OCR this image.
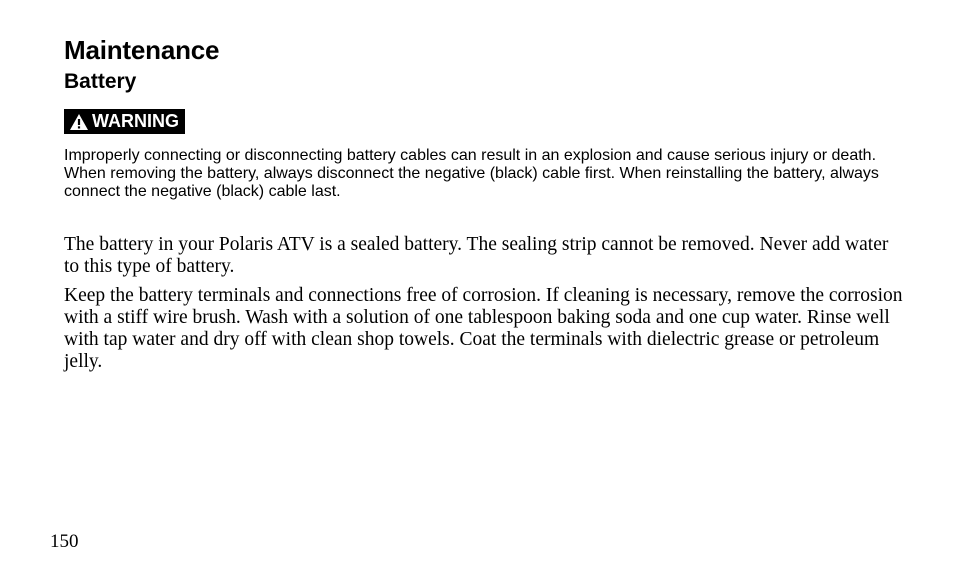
Maintenance
Battery
WARNING

Improperly connecting or disconnecting battery cables can result in an explosion and cause serious injury or death. When removing the battery, always disconnect the negative (black) cable first. When reinstalling the battery, always connect the negative (black) cable last.

The battery in your Polaris ATV is a sealed battery. The sealing strip cannot be removed. Never add water to this type of battery.

Keep the battery terminals and connections free of corrosion. If cleaning is necessary, remove the corrosion with a stiff wire brush. Wash with a solution of one tablespoon baking soda and one cup water. Rinse well with tap water and dry off with clean shop towels. Coat the terminals with dielectric grease or petroleum jelly.

150
